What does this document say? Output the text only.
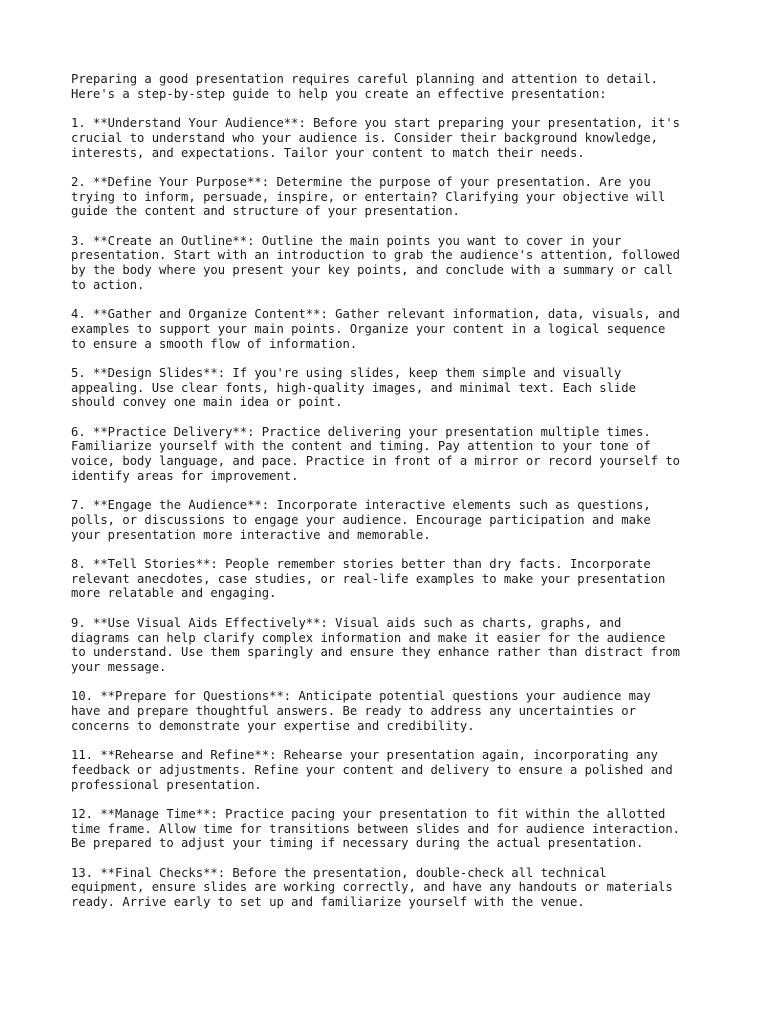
Preparing a good presentation requires careful planning and attention to detail.
Here's a step-by-step guide to help you create an effective presentation:

1. **Understand Your Audience**: Before you start preparing your presentation, it's
crucial to understand who your audience is. Consider their background knowledge,
interests, and expectations. Tailor your content to match their needs.

2. **Define Your Purpose**: Determine the purpose of your presentation. Are you
trying to inform, persuade, inspire, or entertain? Clarifying your objective will
guide the content and structure of your presentation.

3. **Create an Outline**: Outline the main points you want to cover in your
presentation. Start with an introduction to grab the audience's attention, followed
by the body where you present your key points, and conclude with a summary or call
to action.

4. **Gather and Organize Content**: Gather relevant information, data, visuals, and
examples to support your main points. Organize your content in a logical sequence
to ensure a smooth flow of information.

5. **Design Slides**: If you're using slides, keep them simple and visually
appealing. Use clear fonts, high-quality images, and minimal text. Each slide
should convey one main idea or point.

6. **Practice Delivery**: Practice delivering your presentation multiple times.
Familiarize yourself with the content and timing. Pay attention to your tone of
voice, body language, and pace. Practice in front of a mirror or record yourself to
identify areas for improvement.

7. **Engage the Audience**: Incorporate interactive elements such as questions,
polls, or discussions to engage your audience. Encourage participation and make
your presentation more interactive and memorable.

8. **Tell Stories**: People remember stories better than dry facts. Incorporate
relevant anecdotes, case studies, or real-life examples to make your presentation
more relatable and engaging.

9. **Use Visual Aids Effectively**: Visual aids such as charts, graphs, and
diagrams can help clarify complex information and make it easier for the audience
to understand. Use them sparingly and ensure they enhance rather than distract from
your message.

10. **Prepare for Questions**: Anticipate potential questions your audience may
have and prepare thoughtful answers. Be ready to address any uncertainties or
concerns to demonstrate your expertise and credibility.

11. **Rehearse and Refine**: Rehearse your presentation again, incorporating any
feedback or adjustments. Refine your content and delivery to ensure a polished and
professional presentation.

12. **Manage Time**: Practice pacing your presentation to fit within the allotted
time frame. Allow time for transitions between slides and for audience interaction.
Be prepared to adjust your timing if necessary during the actual presentation.

13. **Final Checks**: Before the presentation, double-check all technical
equipment, ensure slides are working correctly, and have any handouts or materials
ready. Arrive early to set up and familiarize yourself with the venue.
